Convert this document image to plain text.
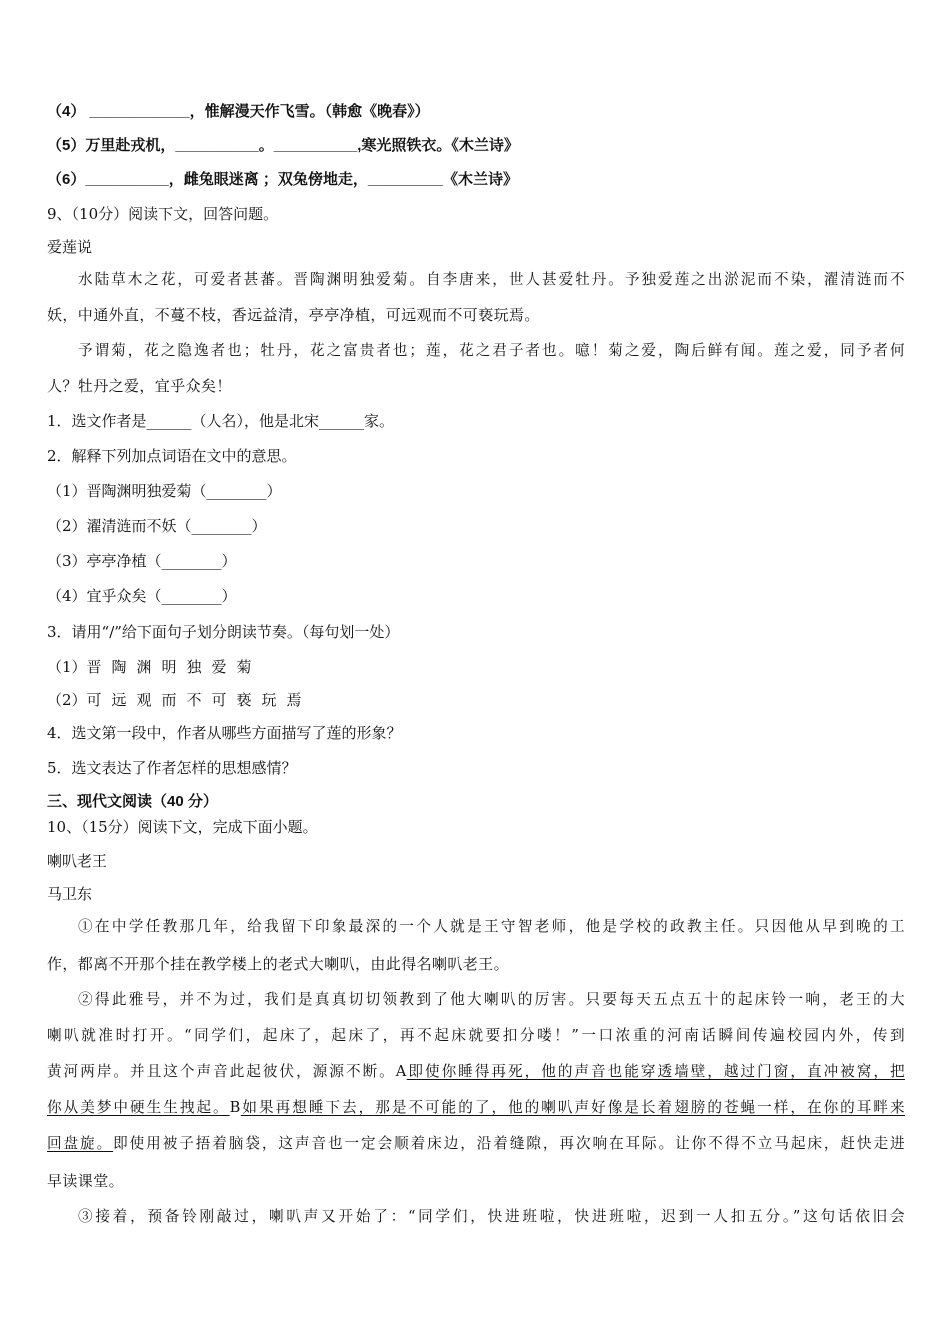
（4） ____________，惟解漫天作飞雪。（韩愈《晚春》）
（5）万里赴戎机，__________。__________,寒光照铁衣。《木兰诗》
（6）__________，雌兔眼迷离 ；双兔傍地走，_________《木兰诗》
9、（10分）阅读下文，回答问题。
爱莲说
水陆草木之花，可爱者甚蕃。晋陶渊明独爱菊。自李唐来，世人甚爱牡丹。予独爱莲之出淤泥而不染，濯清涟而不
妖，中通外直，不蔓不枝，香远益清，亭亭净植，可远观而不可亵玩焉。
予谓菊，花之隐逸者也；牡丹，花之富贵者也；莲，花之君子者也。噫！菊之爱，陶后鲜有闻。莲之爱，同予者何
人？牡丹之爱，宜乎众矣！
1．选文作者是______（人名），他是北宋______家。
2．解释下列加点词语在文中的意思。
（1）晋陶渊明独爱菊（________）
（2）濯清涟而不妖（________）
（3）亭亭净植（________）
（4）宜乎众矣（________）
3．请用“/”给下面句子划分朗读节奏。（每句划一处）
（1）晋陶渊明独爱菊
（2）可远观而不可亵玩焉
4．选文第一段中，作者从哪些方面描写了莲的形象？
5．选文表达了作者怎样的思想感情？
三、现代文阅读（40 分）
10、（15分）阅读下文，完成下面小题。
喇叭老王
马卫东
①在中学任教那几年，给我留下印象最深的一个人就是王守智老师，他是学校的政教主任。只因他从早到晚的工
作，都离不开那个挂在教学楼上的老式大喇叭，由此得名喇叭老王。
②得此雅号，并不为过，我们是真真切切领教到了他大喇叭的厉害。只要每天五点五十的起床铃一响，老王的大
喇叭就准时打开。“同学们，起床了，起床了，再不起床就要扣分喽！”一口浓重的河南话瞬间传遍校园内外，传到
黄河两岸。并且这个声音此起彼伏，源源不断。A即使你睡得再死，他的声音也能穿透墙壁，越过门窗，直冲被窝，把
你从美梦中硬生生拽起。B如果再想睡下去，那是不可能的了，他的喇叭声好像是长着翅膀的苍蝇一样，在你的耳畔来
回盘旋。即使用被子捂着脑袋，这声音也一定会顺着床边，沿着缝隙，再次响在耳际。让你不得不立马起床，赶快走进
早读课堂。
③接着，预备铃刚敲过，喇叭声又开始了：“同学们，快进班啦，快进班啦，迟到一人扣五分。”这句话依旧会
